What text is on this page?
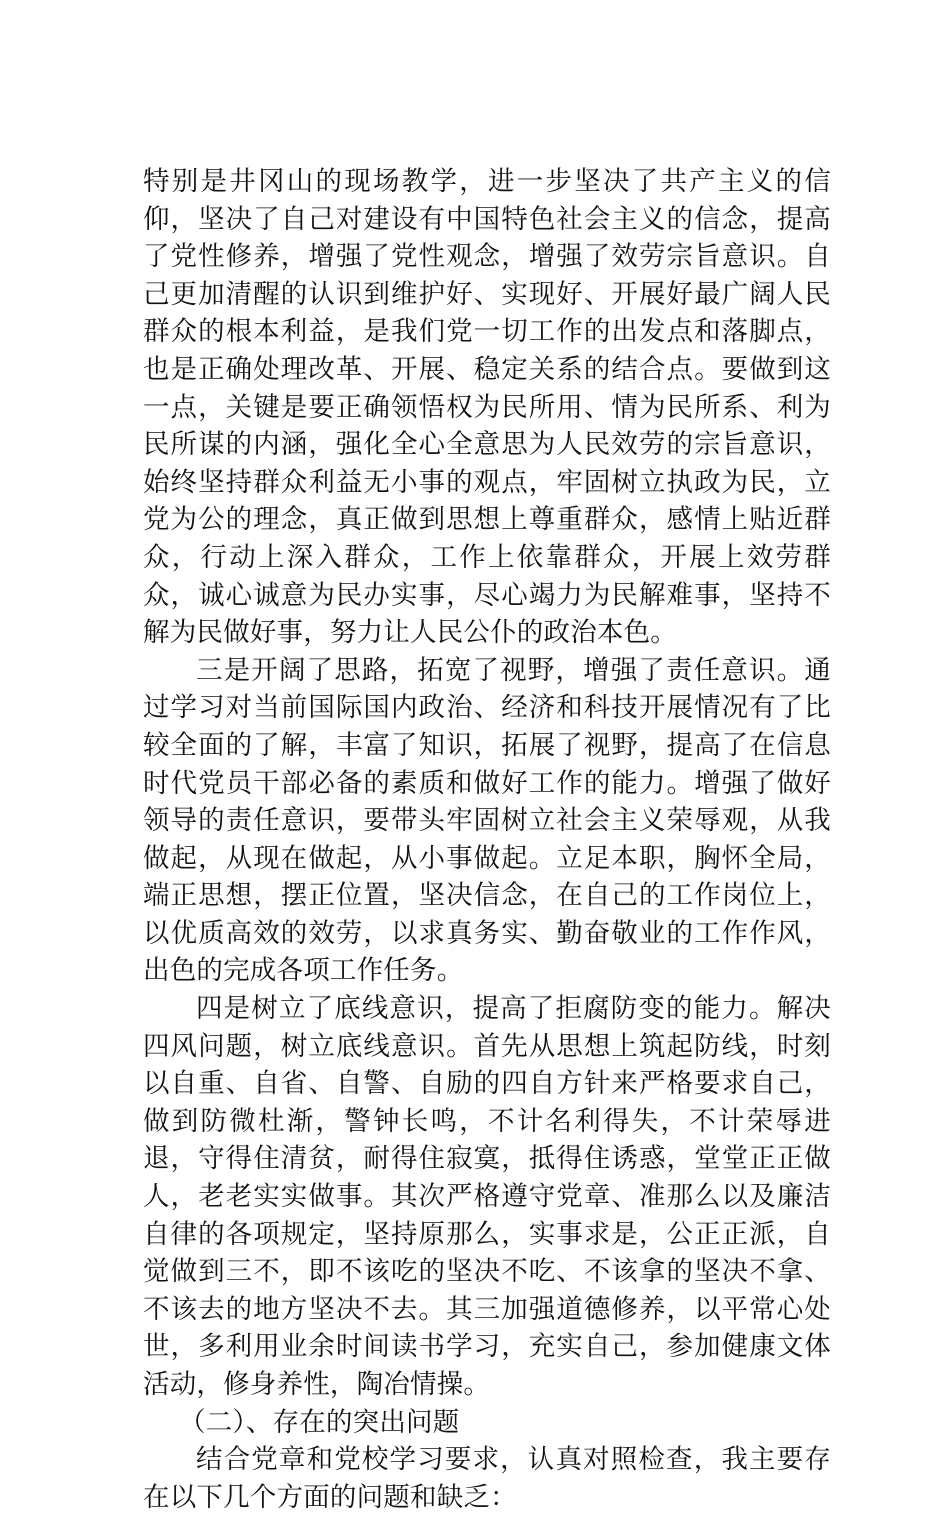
特别是井冈山的现场教学，进一步坚决了共产主义的信仰，坚决了自己对建设有中国特色社会主义的信念，提高了党性修养，增强了党性观念，增强了效劳宗旨意识。自己更加清醒的认识到维护好、实现好、开展好最广阔人民群众的根本利益，是我们党一切工作的出发点和落脚点，也是正确处理改革、开展、稳定关系的结合点。要做到这一点，关键是要正确领悟权为民所用、情为民所系、利为民所谋的内涵，强化全心全意思为人民效劳的宗旨意识，始终坚持群众利益无小事的观点，牢固树立执政为民，立党为公的理念，真正做到思想上尊重群众，感情上贴近群众，行动上深入群众，工作上依靠群众，开展上效劳群众，诚心诚意为民办实事，尽心竭力为民解难事，坚持不解为民做好事，努力让人民公仆的政治本色。

三是开阔了思路，拓宽了视野，增强了责任意识。通过学习对当前国际国内政治、经济和科技开展情况有了比较全面的了解，丰富了知识，拓展了视野，提高了在信息时代党员干部必备的素质和做好工作的能力。增强了做好领导的责任意识，要带头牢固树立社会主义荣辱观，从我做起，从现在做起，从小事做起。立足本职，胸怀全局，端正思想，摆正位置，坚决信念，在自己的工作岗位上，以优质高效的效劳，以求真务实、勤奋敬业的工作作风，出色的完成各项工作任务。

四是树立了底线意识，提高了拒腐防变的能力。解决四风问题，树立底线意识。首先从思想上筑起防线，时刻以自重、自省、自警、自励的四自方针来严格要求自己，做到防微杜渐，警钟长鸣，不计名利得失，不计荣辱进退，守得住清贫，耐得住寂寞，抵得住诱惑，堂堂正正做人，老老实实做事。其次严格遵守党章、准那么以及廉洁自律的各项规定，坚持原那么，实事求是，公正正派，自觉做到三不，即不该吃的坚决不吃、不该拿的坚决不拿、不该去的地方坚决不去。其三加强道德修养，以平常心处世，多利用业余时间读书学习，充实自己，参加健康文体活动，修身养性，陶冶情操。

（二）、存在的突出问题

结合党章和党校学习要求，认真对照检查，我主要存在以下几个方面的问题和缺乏：
